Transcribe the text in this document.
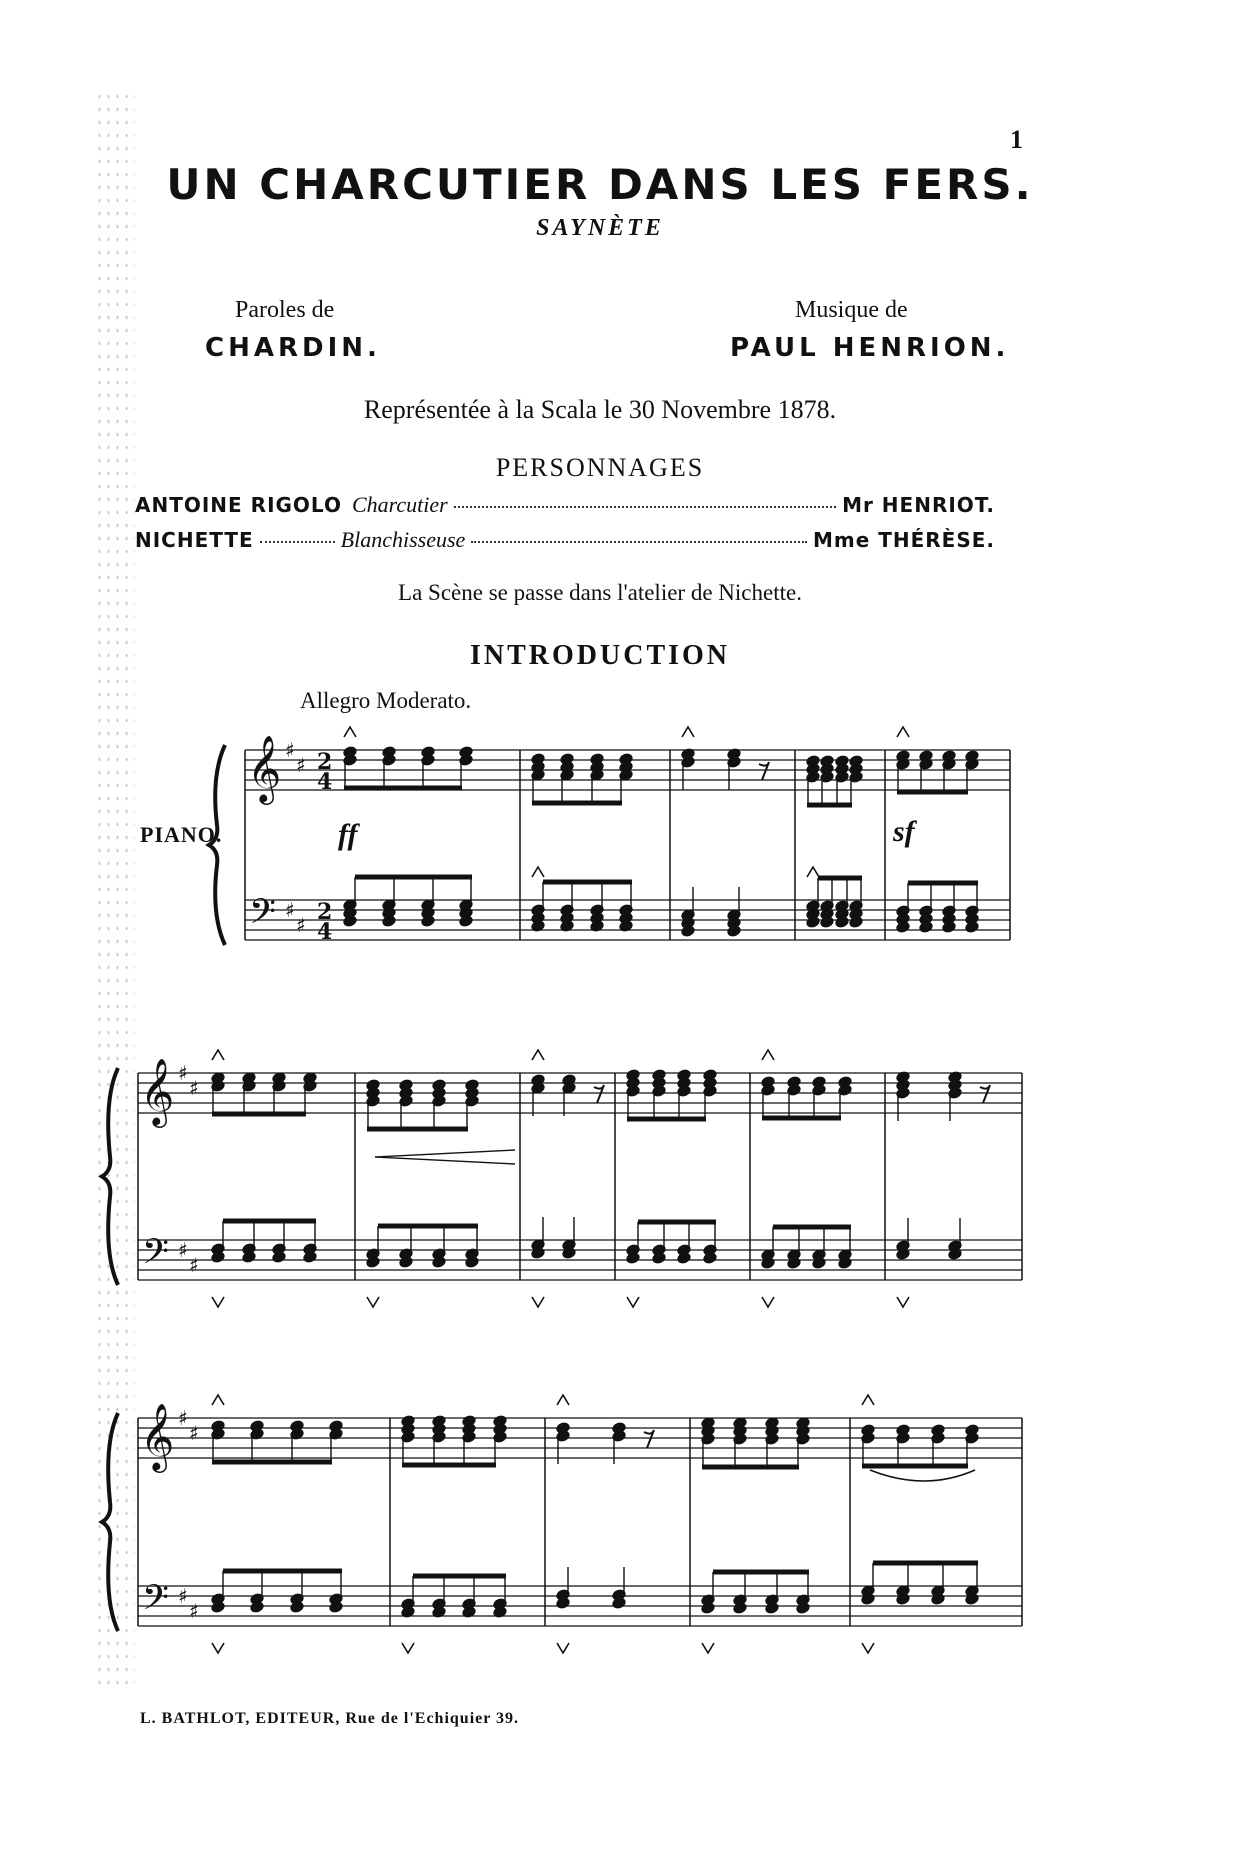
1
UN CHARCUTIER DANS LES FERS.
SAYNÈTE
Paroles de
CHARDIN.
Musique de
PAUL HENRION.
Représentée à la Scala le 30 Novembre 1878.
PERSONNAGES
ANTOINE RIGOLO Charcutier	Mr HENRIOT.
NICHETTE	Blanchisseuse	Mme THÉRÈSE.
La Scène se passe dans l'atelier de Nichette.
INTRODUCTION
Allegro Moderato.
PIANO.	ff	sf
𝄞
𝄢
♯
♯
♯
♯
2
4
2
4
𝄞
𝄢
♯
♯
♯
♯
𝄞
𝄢
♯
♯
♯
♯
L. BATHLOT, EDITEUR, Rue de l'Echiquier 39.
